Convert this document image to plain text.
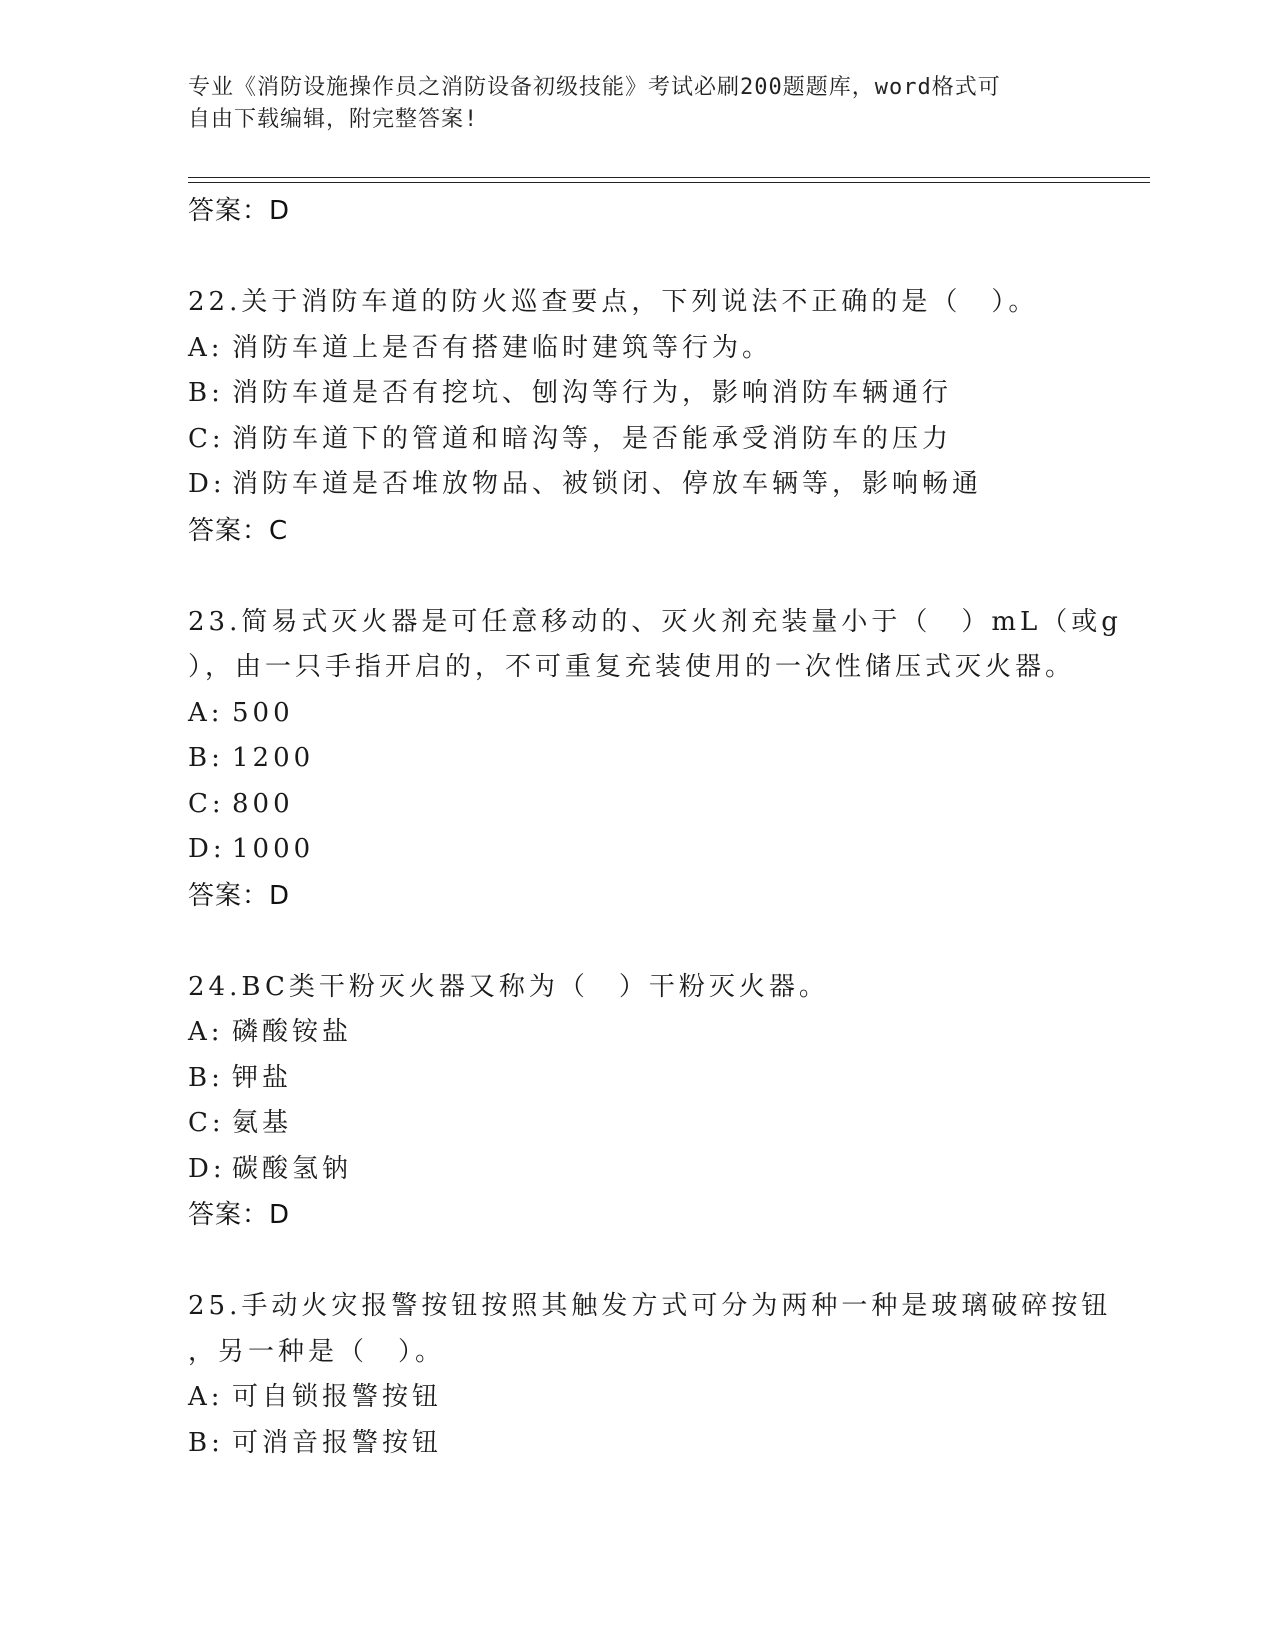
专业《消防设施操作员之消防设备初级技能》考试必刷200题题库，word格式可
自由下载编辑，附完整答案!
答案：D
22.关于消防车道的防火巡查要点，下列说法不正确的是（　）。
A: 消防车道上是否有搭建临时建筑等行为。
B: 消防车道是否有挖坑、刨沟等行为，影响消防车辆通行
C: 消防车道下的管道和暗沟等，是否能承受消防车的压力
D: 消防车道是否堆放物品、被锁闭、停放车辆等，影响畅通
答案：C
23.简易式灭火器是可任意移动的、灭火剂充装量小于（　）mL（或g
），由一只手指开启的，不可重复充装使用的一次性储压式灭火器。
A: 500
B: 1200
C: 800
D: 1000
答案：D
24.BC类干粉灭火器又称为（　）干粉灭火器。
A: 磷酸铵盐
B: 钾盐
C: 氨基
D: 碳酸氢钠
答案：D
25.手动火灾报警按钮按照其触发方式可分为两种一种是玻璃破碎按钮
，另一种是（　）。
A: 可自锁报警按钮
B: 可消音报警按钮
